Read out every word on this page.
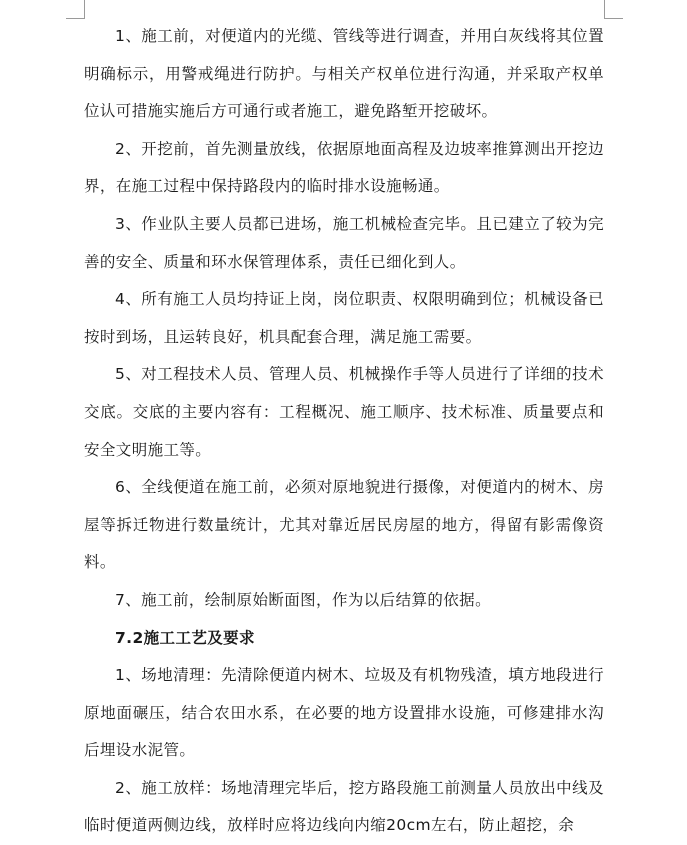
1、施工前，对便道内的光缆、管线等进行调查，并用白灰线将其位置明确标示，用警戒绳进行防护。与相关产权单位进行沟通，并采取产权单位认可措施实施后方可通行或者施工，避免路堑开挖破坏。

2、开挖前，首先测量放线，依据原地面高程及边坡率推算测出开挖边界，在施工过程中保持路段内的临时排水设施畅通。

3、作业队主要人员都已进场，施工机械检查完毕。且已建立了较为完善的安全、质量和环水保管理体系，责任已细化到人。

4、所有施工人员均持证上岗，岗位职责、权限明确到位；机械设备已按时到场，且运转良好，机具配套合理，满足施工需要。

5、对工程技术人员、管理人员、机械操作手等人员进行了详细的技术交底。交底的主要内容有：工程概况、施工顺序、技术标准、质量要点和安全文明施工等。

6、全线便道在施工前，必须对原地貌进行摄像，对便道内的树木、房屋等拆迁物进行数量统计，尤其对靠近居民房屋的地方，得留有影需像资料。

7、施工前，绘制原始断面图，作为以后结算的依据。

7.2施工工艺及要求

1、场地清理：先清除便道内树木、垃圾及有机物残渣，填方地段进行原地面碾压，结合农田水系，在必要的地方设置排水设施，可修建排水沟后埋设水泥管。

2、施工放样：场地清理完毕后，挖方路段施工前测量人员放出中线及临时便道两侧边线，放样时应将边线向内缩20cm左右，防止超挖，余
